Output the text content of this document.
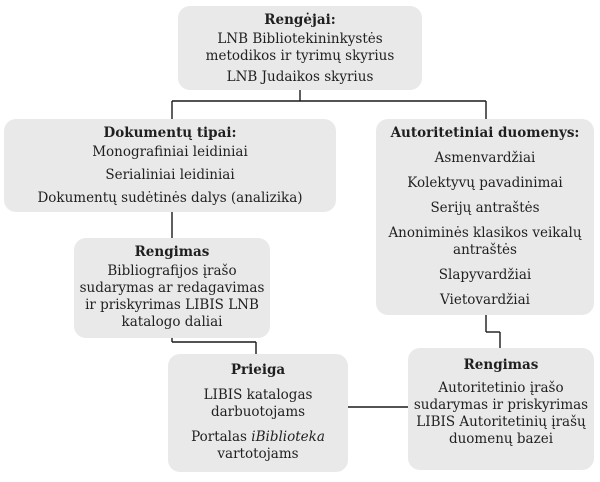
Rengėjai:
LNB Bibliotekininkystės
metodikos ir tyrimų skyrius
LNB Judaikos skyrius
Dokumentų tipai:
Monografiniai leidiniai
Serialiniai leidiniai
Dokumentų sudėtinės dalys (analizika)
Autoritetiniai duomenys:
Asmenvardžiai
Kolektyvų pavadinimai
Serijų antraštės
Anoniminės klasikos veikalų
antraštės
Slapyvardžiai
Vietovardžiai
Rengimas
Bibliografijos įrašo
sudarymas ar redagavimas
ir priskyrimas LIBIS LNB
katalogo daliai
Prieiga
LIBIS katalogas
darbuotojams
Portalas iBiblioteka
vartotojams
Rengimas
Autoritetinio įrašo
sudarymas ir priskyrimas
LIBIS Autoritetinių įrašų
duomenų bazei
